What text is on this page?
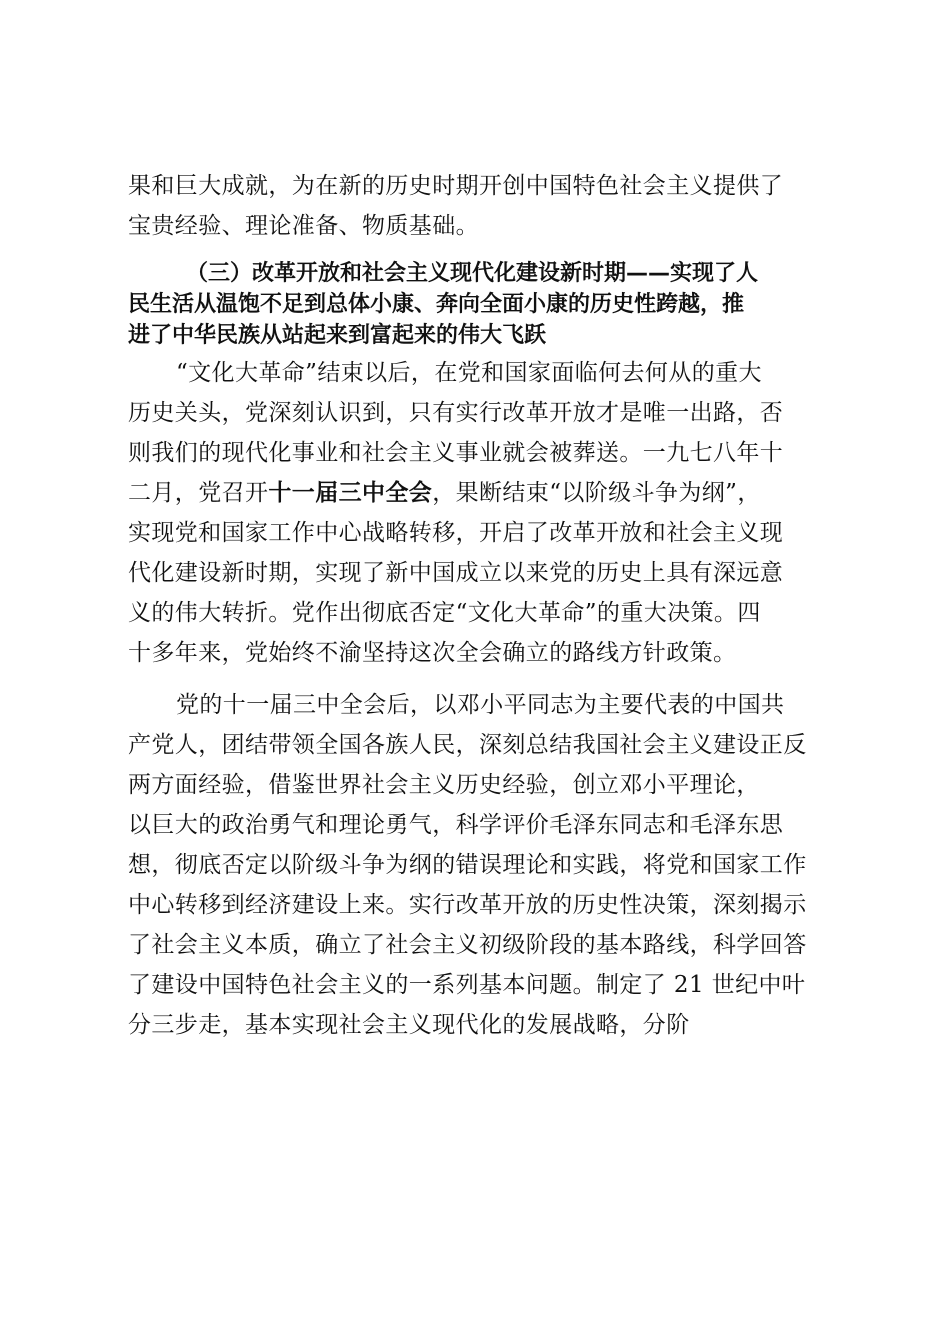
果和巨大成就，为在新的历史时期开创中国特色社会主义提供了
宝贵经验、理论准备、物质基础。
（三）改革开放和社会主义现代化建设新时期——实现了人
民生活从温饱不足到总体小康、奔向全面小康的历史性跨越，推
进了中华民族从站起来到富起来的伟大飞跃
“文化大革命”结束以后，在党和国家面临何去何从的重大
历史关头，党深刻认识到，只有实行改革开放才是唯一出路，否
则我们的现代化事业和社会主义事业就会被葬送。一九七八年十
二月，党召开十一届三中全会，果断结束“以阶级斗争为纲”，
实现党和国家工作中心战略转移，开启了改革开放和社会主义现
代化建设新时期，实现了新中国成立以来党的历史上具有深远意
义的伟大转折。党作出彻底否定“文化大革命”的重大决策。四
十多年来，党始终不渝坚持这次全会确立的路线方针政策。
党的十一届三中全会后，以邓小平同志为主要代表的中国共
产党人，团结带领全国各族人民，深刻总结我国社会主义建设正反
两方面经验，借鉴世界社会主义历史经验，创立邓小平理论，
以巨大的政治勇气和理论勇气，科学评价毛泽东同志和毛泽东思
想，彻底否定以阶级斗争为纲的错误理论和实践，将党和国家工作
中心转移到经济建设上来。实行改革开放的历史性决策，深刻揭示
了社会主义本质，确立了社会主义初级阶段的基本路线，科学回答
了建设中国特色社会主义的一系列基本问题。制定了 21 世纪中叶
分三步走，基本实现社会主义现代化的发展战略，分阶
